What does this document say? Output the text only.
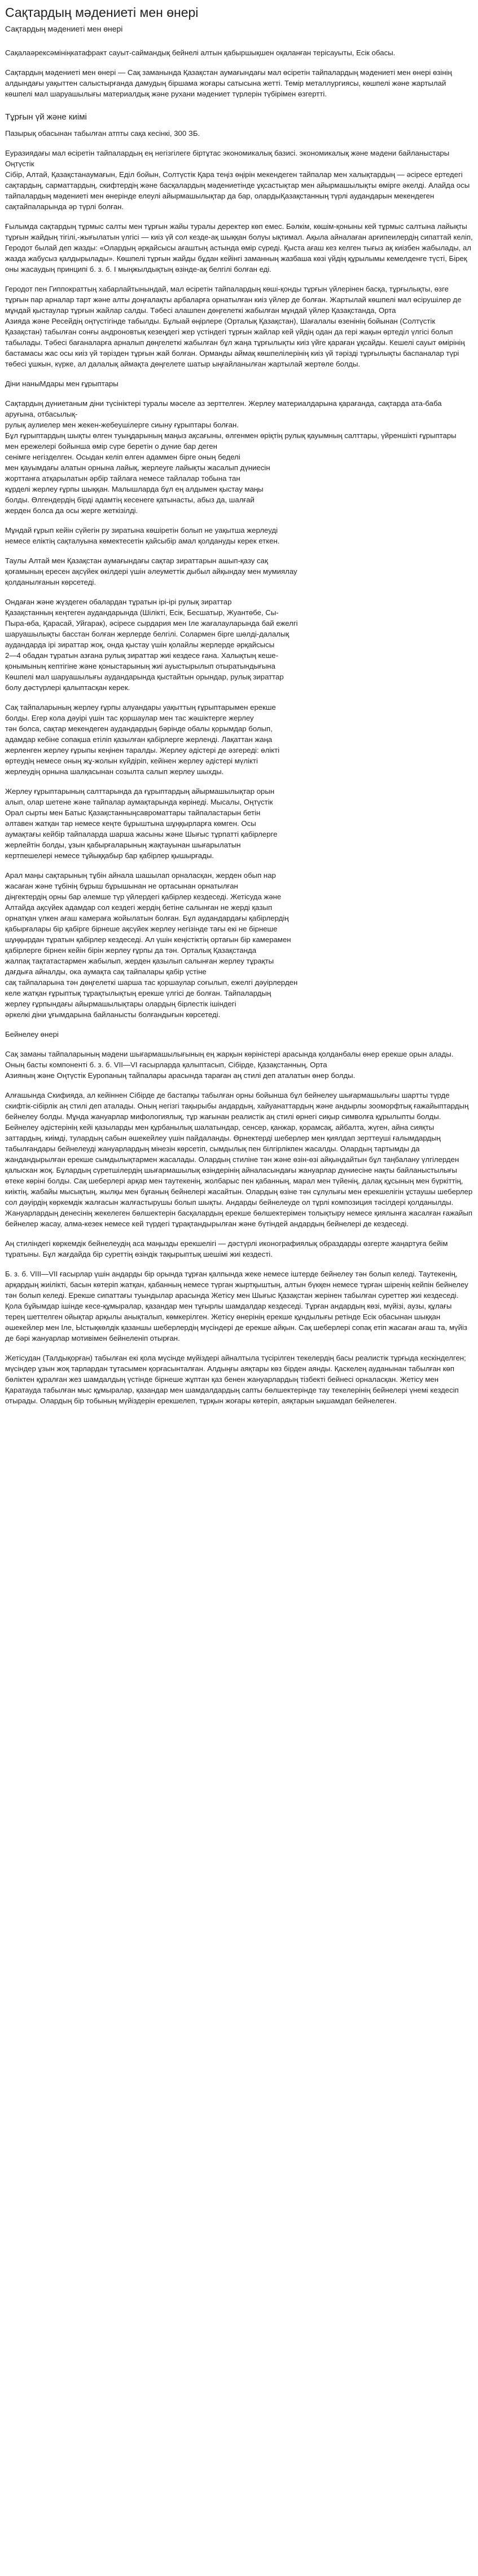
Сақтардың мәдениеті мен өнері
Сақтардың мәдениеті мен өнері

Сақалаәрексәмініңкатафракт сауыт-саймандық бейнелі алтын қабыршықшен оқаланған терісауыты, Есік обасы.

Сақтардың мәдениеті мен өнері — Сақ заманында Қазақстан аумағындағы мал өсіретін тайпалардың мәдениеті мен өнері өзінің алдындағы уақыттен салыстырғанда дамудың біршама жоғары сатысына жетті. Темір металлургиясы, көшпелі және жартылай көшпелі мал шаруашылығы материалдық және рухани мәдениет түрлерін түбірімен өзгертті.

Тұрғын үй және киімі

Пазырық обасынан табылған атпты сақа кесінкі, 300 ЗБ.

Еуразиядағы мал өсіретін тайпалардың ең негізгілеге біртұтас экономикалық базисі. экономикалық және мәдени байланыстары Оңтүстік
Сібір, Алтай, Қазақстанаумағын, Еділ бойын, Солтүстік Қара теңіз өңірін мекендеген тайпалар мен халықтардың — әсіресе ертедегі сақтардың, сарматтардың, скифтердің және басқалардың мәдениетінде ұқсастықтар мен айырмашылықты өмірге әкелді. Алайда осы тайпалардың мәдениеті мен өнерінде елеулі айырмашылықтар да бар, олардыҚазақстанның түрлі аудандарын мекендеген сақтайпаларында әр түрлі болған.

Ғылымда сақтардың тұрмыс салты мен тұрғын жайы туралы деректер көп емес. Бәлкім, көшім-қоныны кей тұрмыс салтына лайықты тұрғын жайдың тігілі,-жығылатын үлгісі — киіз үй сол кезде-ақ шыққан болуы ықтимал. Ақыла айналаған арғипеилердіӊ сипаттай келіп, Геродот былай деп жазды: «Олардың әрқайсысы ағаштың астында өмір сүреді. Қыста ағаш кез келген тығыз ақ киізбен жабылады, ал жазда жабусыз қалдырылады». Көшпелі тұрғын жайды бұдан кейінгі заманның жазбаша көзі үйдің құрылымы кемелденге түсті, Біреқ оны жасаудың принципі б. з. б. I мыңжылдықтың өзінде-ақ белгілі болған еді.

Геродот пен Гиппократтың хабарлайтынындай, мал өсіретін тайпалардың көші-қонды тұрғын үйлерінен басқа, тұрғылықты, өзге тұрғын пар арналар тарт және алты доңғалақты арбаларға орнатылған киіз үйлер де болған. Жартылай көшпелі мал өсірушілер де мұндай қыстаулар тұрғын жайлар салды. Тәбесі алашпен дөңгелеткі жабылған мұндай үйлер Қазақстанда, Орта
Азияда және Ресейдің оңтүстігінде табылды. Бұлыай өңірлере (Орталық Қазақстан), Шағалалы өзенінің бойынан (Солтүстік Қазақстан) табылған сонғы андроновтық кезеңдегі жер үстіндегі тұрғын жайлар кей үйдің одан да гері жақын өртеділ үлгісі болып табылады. Тәбесі бағаналарға арналып дөңгелеткі жабылған бұл жаңа тұрғылықты киіз үйге қараған ұқсайды. Кешелі сауыт өмірінің бастамасы жас осы киіз үй тәрізден тұрғын жай болған. Орманды аймақ көшпелілерінің киіз үй тәрізді тұрғылықты баспаналар түрі төбесі ұшкын, күрке, ал далалық аймақта дөңгелете шатыр ыңғайланылған жартылай жертөле болды.

Діни наныМдары мен ғұрыптары

Сақтардың дүниетаным діни түсініктері туралы мәселе аз зерттелген. Жерлеу материалдарына қарағанда, сақтарда ата-баба аруғына, отбасылық-
рулық аулиелер мен жекен-жебеушілерге сиыну ғұрыптары болған.
Бұл ғұрыптардың шықты өлген туыңдарының маңыз ақсағыны, өлгенмен өріқтің рулық қауымның салттары, үйреншікті ғұрыптары
мен ережелері бойынша өмір сүре беретін о дүние бар деген
сенімге негізделген. Осыдан келіп өлген адаммен бірге оның беделі
мен қауымдағы алатын орнына лайық, жерлеуге лайықты жасалып дүниесін
жорттанға атқарылатын әрбір тайлаға немесе тайлалар тобына тан
кұрделі жерлеу ғұрпы шыққан. Малышларда бұл ең алдымен қыстау маңы
болды. Өлгендердің бірді адамтің кесенеге қатынасты, абыз да, шалғай
жерден болса да осы жерге жеткізілді.

Мұндай ғұрып кейін сүйегін ру зиратына көшіретін болып не уақытша жерлеуді
немесе еліктің сақталуына көмектесетін қайсыбір амал қолдануды керек еткен.

Таулы Алтай мен Қазақстан аумағындағы сақтар зираттарын ашып-қазу сақ
қоғамының ересен ақсүйек өкілдері үшін әлеуметтік дыбыл айқындау мен мумиялау
қолданылғанын көрсетеді.

Ондаған және жүздеген обалардан тұратын ірі-ірі рулық зираттар
Қазақстанның кеңтеген аудандарында (Шілікті, Есік, Бесшатыр, Жуантөбе, Сы-
Пыра-өба, Қарасай, Уйгарак), әсіресе сырдария мен Іле жағалауларында бай ежелгі
шаруашылықты басстан болған жерлерде белгілі. Солармен бірге шөлді-далалық
аудандарда ірі зираттар жоқ, онда қыстау үшін қолайлы жерлерде әрқайсысы
2—4 обадан тұратын азғана рулық зираттар жиі кездесе ғана. Халықтың кеше-
қонымының кептігіне және қоныстарының жиі ауыстырылып отыратындығына
Көшпелі мал шаруашылығы аудандарында қыстайтын орындар, рулық зираттар
болу дәстүрлері қалыптасқан керек.

Сақ тайпаларының жерлеу ғұрпы алуандары уақыттың ғұрыптарымен ерекше
болды. Егер кола дәуірі үшін тас қоршаулар мен тас жәшіктерге жерлеу
тән болса, сақтар мекендеген аудандардың бәрінде обалы қорымдар болып,
адамдар кебіне сопақша етіліп қазылған қабірлерге жерленді. Лақаттан жаңа
жерленген жерлеу ғұрыпы кеңінен таралды. Жерлеу әдістері де әзгереді: өлікті
өртеудің немесе оның жұ-жолын күйдіріп, кейінен жерлеу әдістері мүлікті
жерлеудің орнына шалқасынан созылта салып жерлеу шыхды.

Жерлеу ғұрыптарының салттарында да ғұрыптардың айырмашылықтар орын
алып, олар шетене және тайпалар аумақтарында көрінеді. Мысалы, Оңтүстік
Орал сырты мен Батыс Қазақстанныңсавроматтары тайпаластарын бетін
әлтавен жатқан тар немесе кеңте бұрыштына шұңқырларға көмген. Осы
аумақтағы кейбір тайпаларда шарша жасыны және Шығыс тұрпатті қабірлерге
жерлейтін болды, ұзын қабырғаларының жақтауынан шығарылатын
кертпешелері немесе тұйыққабыр бар қабірлер қышырғады.

Арал маңы сақтарының тұбін айнала шашылап орналасқан, жерден обып нар
жасаған және тұбінің бұрыш бұрышынан не ортасынан орнатылған
діңгектердің орны бар әлемше түр үйлердегі қабірлер кездеседі. Жетісуда және
Алтайда ақсүйек адамдар сол кездегі жердің бетіне салынған не жерді қазып
орнатқан үлкен ағаш камераға жойылатын болған. Бұл аудандардағы қабірлердің
қабырғалары бір қабірге бірнеше ақсүйек жерлеу негізінде тағы екі не бірнеше
шұңқырдан тұратын қабірлер кездеседі. Ал үшін кеңістіктің ортағын бір камерамен
қабірлерге бірнен кейін бірін жерлеу ғұрпы да тән. Орталық Қазақстанда
жалпақ тақтатастармен жабылып, жерден қазылып салынған жерлеу тұрақты
дағдыға айналды, ока аумақта сақ тайпалары қабір үстіне
сақ тайпаларына тән дөңгелеткі шарша тас қоршаулар соғылып, ежелгі дәуірлерден
келе жатқан ғұрыптық тұрақтылықтың ерекше үлгісі де болған. Тайпалардың
жерлеу ғұрпындағы айырмашылықтары олардың бірлестік ішіндегі
әркелкі діни ұғымдарына байланысты болғандығын көрсетеді.

Бейнелеу өнері

Сақ заманы тайпаларының мәдени шығармашылығының ең жарқын көріністері арасында қолданбалы өнер ерекше орын алады. Оның басты компоненті б. з. б. VII—VI ғасырларда қалыптасып, Сібірде, Қазақстанның, Орта
Азияның және Оңтүстік Еуропаның тайпалары арасында тараған аң стилі деп аталатын өнер болды.

Алғашында Скифияда, ал кейіннен Сібірде де бастапқы табылған орны бойынша бұл бейнелеу шығармашылығы шартты түрде скифтік-сібірлік аң стилі деп аталады. Оның негізгі тақырыбы андардың, хайуанаттардың және андырлы зооморфтық ғажайыптардың бейнелеу болды. Мұнда жануарлар мифологиялық, тұр жағынан реалистік аң стилі өрнегі сиқыр символға құрылыпты болды. Бейнелеу әдістерінің кейі қазыларды мен құрбанылық шалатындар, сенсер, қанжар, қорамсақ, айбалта, жүген, айна сияқты заттардың, киімді, тулардың сабын әшекейлеу үшін пайдаланды. Өрнектерді шеберлер мен қиялдап зерттеуші ғалымдардың табылғандары бейнелеуді жануарлардың мінезін көрсетіп, сымдылық пен білгірлікпен жасалды. Олардың тартымды да жандандырылған ерекше сымдылықтармен жасалады. Олардың стиліне тән және өзін-өзі айқындайтын бұл таңбалану үлгілерден қалыскан жоқ. Бұлардың сүретшілердің шығармашылық өзіндерінің айналасындағы жануарлар дүниесіне нақты байланыстылығы өтеке көріні болды. Сақ шеберлері арқар мен таутекенің, жолбарыс пен қабанның, марал мен түйенің, далақ құсының мен бүркіттің, киіктің, жабайы мысықтың, жылқы мен бұғаның бейнелері жасайтын. Олардың өзіне тән сұлулығы мен ерекшелігін ұстаушы шеберлер сол дәуірдің көркемдік жалғасын жалғастырушы болып шықты. Андарды бейнелеуде ол тұрлі композиция тәсілдері қолданылды. Жануарлардың денесінің жекелеген бөлшектерін басқалардың ерекше бөлшектерімен толықтыру немесе қиялынға жасалған ғажайып бейнелер жасау, алма-кезек немесе кей түрдегі тұрақтандырылған және бүтіндей андардың бейнелері де кездеседі.

Аң стиліндегі көркемдік бейнелеудің аса маңызды ерекшелігі — дәстүрлі иконографиялық образдарды өзгерте жаңартуға бейім тұратыны. Бұл жағдайда бір суреттің өзіндік тақырыптық шешімі жиі кездесті.

Б. з. б. VIII—VII ғасырлар үшін андарды бір орында тұрған қалпында жеке немесе іштерде бейнелеу тән болып келеді. Таутекенің, арқардың жиілікті, басын көтеріп жатқан, қабанның немесе түрган жыртқыштың, алтын бүкқен немесе тұрған шіренің кейпін бейнелеу тән болып келеді. Ерекше сипаттағы туындылар арасында Жетісу мен Шығыс Қазақстан жерінен табылған суреттер жиі кездеседі. Қола бұйымдар ішінде кесе-құмыралар, қазандар мен тұғырлы шамдалдар кездеседі. Тұрған андардың көзі, мүйізі, аузы, құлағы терең шеттелген ойықтар арқылы анықталып, көмкерілген. Жетісу өнерінің ерекше құндылығы ретінде Есік обасынан шыққан әшекейлер мен Іле, Ыстықкөлдік қазаншы шеберлердің мүсіндері де ерекше айқын. Сақ шеберлері сопақ етіп жасаған ағаш та, мүйіз де бәрі жануарлар мотивімен бейнеленіп отырған.

Жетісудан (Талдықорған) табылған екі қола мүсінде мүйіздері айналтыла түсірілген текелердің басы реалистік тұрғыда кескінделген; мүсіндер ұзын жоқ тарлардан тұтасымен қорғасынталған. Алдыңғы аяқтары көз бірден аянды. Қаскелең ауданынан табылған көп бөліктен құралған жез шамдалдың үстінде бірнеше жұптан қаз бенен жануарлардың тізбекті бейнесі орналасқан. Жетісу мен Қаратауда табылған мыс құмыралар, қазандар мен шамдалдардың сапты бөлшектерінде тау текелерінің бейнелері үнемі кездесіп отырады. Олардың бір тобының мүйіздерін ерекшелеп, тұрқын жоғары көтеріп, аяқтарын ықшамдап бейнелеген.
